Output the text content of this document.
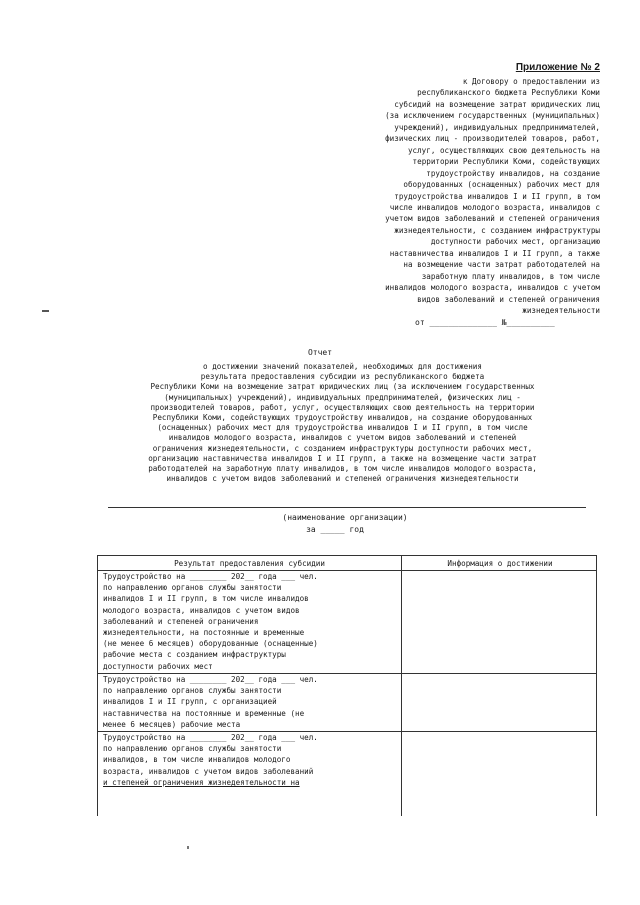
Приложение № 2
к Договору о предоставлении из
республиканского бюджета Республики Коми
субсидий на возмещение затрат юридических лиц
(за исключением государственных (муниципальных)
учреждений), индивидуальных предпринимателей,
физических лиц - производителей товаров, работ,
услуг, осуществляющих свою деятельность на
территории Республики Коми, содействующих
трудоустройству инвалидов, на создание
оборудованных (оснащенных) рабочих мест для
трудоустройства инвалидов I и II групп, в том
числе инвалидов молодого возраста, инвалидов с
учетом видов заболеваний и степеней ограничения
жизнедеятельности, с созданием инфраструктуры
доступности рабочих мест, организацию
наставничества инвалидов I и II групп, а также
на возмещение части затрат работодателей на
заработную плату инвалидов, в том числе
инвалидов молодого возраста, инвалидов с учетом
видов заболеваний и степеней ограничения
жизнедеятельности
от ______________ №__________
Отчет
о достижении значений показателей, необходимых для достижения
результата предоставления субсидии из республиканского бюджета
Республики Коми на возмещение затрат юридических лиц (за исключением государственных
(муниципальных) учреждений), индивидуальных предпринимателей, физических лиц -
производителей товаров, работ, услуг, осуществляющих свою деятельность на территории
Республики Коми, содействующих трудоустройству инвалидов, на создание оборудованных
(оснащенных) рабочих мест для трудоустройства инвалидов I и II групп, в том числе
инвалидов молодого возраста, инвалидов с учетом видов заболеваний и степеней
ограничения жизнедеятельности, с созданием инфраструктуры доступности рабочих мест,
организацию наставничества инвалидов I и II групп, а также на возмещение части затрат
работодателей на заработную плату инвалидов, в том числе инвалидов молодого возраста,
инвалидов с учетом видов заболеваний и степеней ограничения жизнедеятельности
(наименование организации)
за _____ год
Результат предоставления субсидии	Информация о достижении
Трудоустройство на ________ 202__ года ___ чел.
по направлению органов службы занятости
инвалидов I и II групп, в том числе инвалидов
молодого возраста, инвалидов с учетом видов
заболеваний и степеней ограничения
жизнедеятельности, на постоянные и временные
(не менее 6 месяцев) оборудованные (оснащенные)
рабочие места с созданием инфраструктуры
доступности рабочих мест
Трудоустройство на ________ 202__ года ___ чел.
по направлению органов службы занятости
инвалидов I и II групп, с организацией
наставничества на постоянные и временные (не
менее 6 месяцев) рабочие места
Трудоустройство на ________ 202__ года ___ чел.
по направлению органов службы занятости
инвалидов, в том числе инвалидов молодого
возраста, инвалидов с учетом видов заболеваний
и степеней ограничения жизнедеятельности на
